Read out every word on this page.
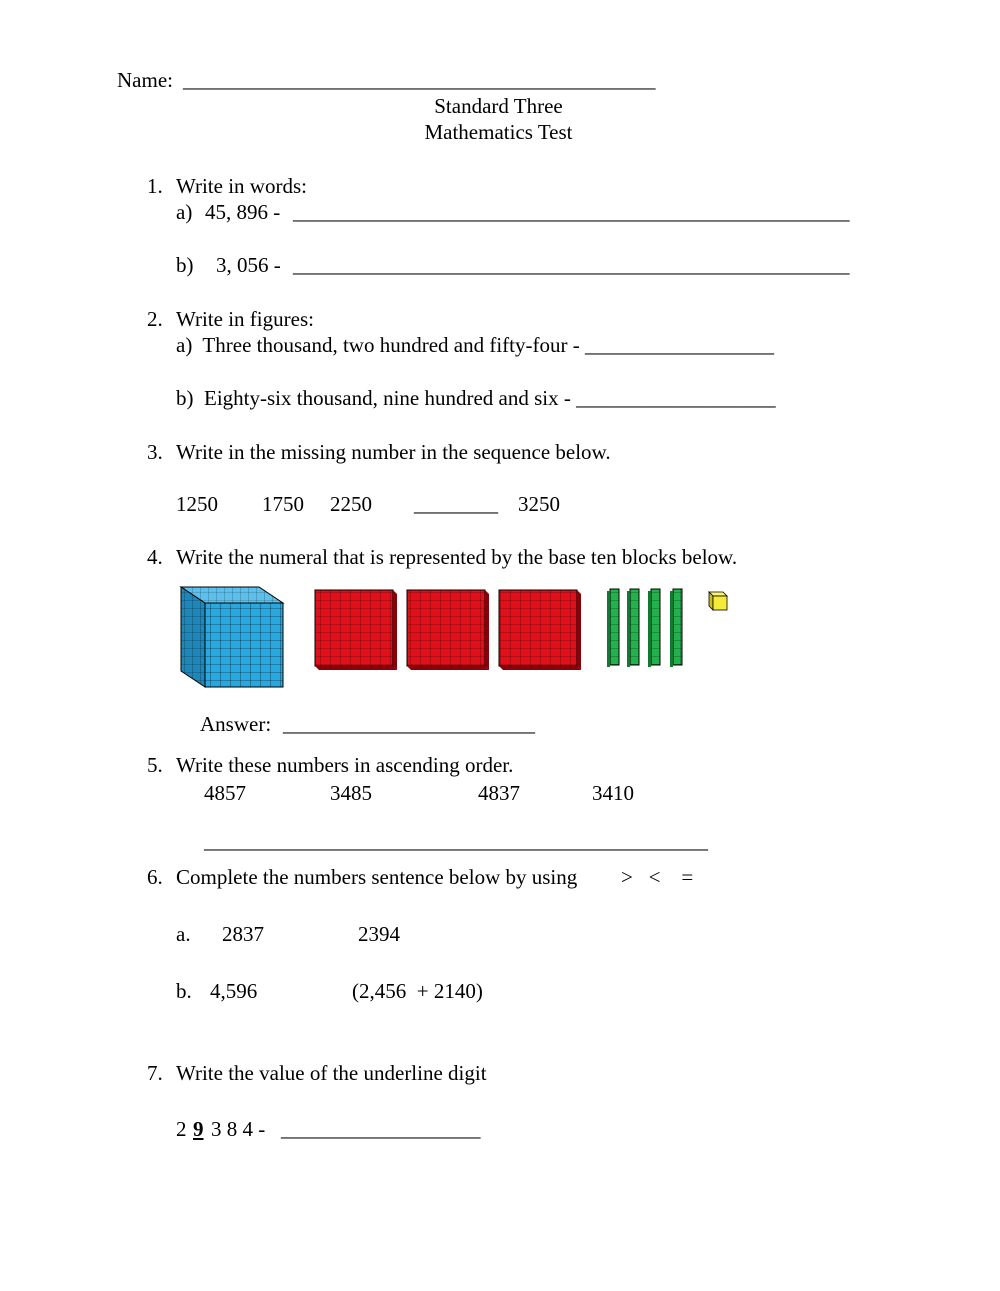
Name: _____________________________________________
Standard Three
Mathematics Test
1. Write in words:
a) 45, 896 - _____________________________________________________
b) 3, 056 - _____________________________________________________
2. Write in figures:
a)  Three thousand, two hundred and fifty-four - __________________
b)  Eighty-six thousand, nine hundred and six - ___________________
3. Write in the missing number in the sequence below.
1250 1750 2250 ________ 3250
4. Write the numeral that is represented by the base ten blocks below.
Answer: ________________________
5. Write these numbers in ascending order.
4857	3485	4837	3410
________________________________________________
6. Complete the numbers sentence below by using >   <    =
a. 2837	2394
b. 4,596	(2,456  + 2140)
7. Write the value of the underline digit
2 9 3 8 4 - ___________________
